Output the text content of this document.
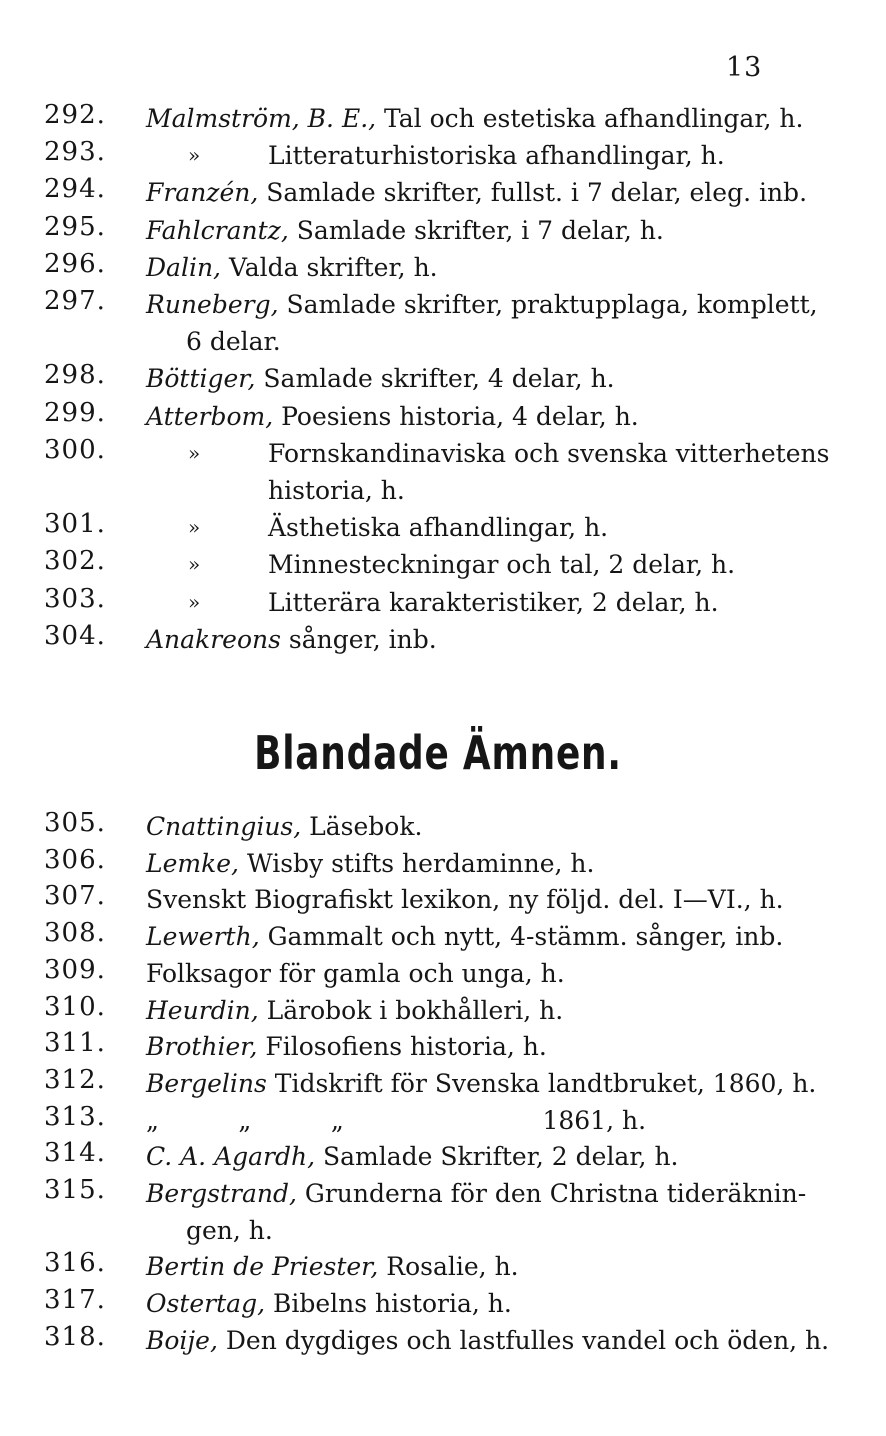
13
292. Malmström, B. E., Tal och estetiska afhandlingar, h.
293.	»	Litteraturhistoriska afhandlingar, h.
294. Franzén, Samlade skrifter, fullst. i 7 delar, eleg. inb.
295. Fahlcrantz, Samlade skrifter, i 7 delar, h.
296. Dalin, Valda skrifter, h.
297. Runeberg, Samlade skrifter, praktupplaga, komplett,
6 delar.
298. Böttiger, Samlade skrifter, 4 delar, h.
299. Atterbom, Poesiens historia, 4 delar, h.
300.	»	Fornskandinaviska och svenska vitterhetens
historia, h.
301.	»	Ästhetiska afhandlingar, h.
302.	»	Minnesteckningar och tal, 2 delar, h.
303.	»	Litterära karakteristiker, 2 delar, h.
304. Anakreons sånger, inb.
Blandade Ämnen.
305. Cnattingius, Läsebok.
306. Lemke, Wisby stifts herdaminne, h.
307. Svenskt Biografiskt lexikon, ny följd. del. I—VI., h.
308. Lewerth, Gammalt och nytt, 4-stämm. sånger, inb.
309. Folksagor för gamla och unga, h.
310. Heurdin, Lärobok i bokhålleri, h.
311. Brothier, Filosofiens historia, h.
312. Bergelins Tidskrift för Svenska landtbruket, 1860, h.
313. „          „          „                         1861, h.
314. C. A. Agardh, Samlade Skrifter, 2 delar, h.
315. Bergstrand, Grunderna för den Christna tideräknin-
gen, h.
316. Bertin de Priester, Rosalie, h.
317. Ostertag, Bibelns historia, h.
318. Boije, Den dygdiges och lastfulles vandel och öden, h.
